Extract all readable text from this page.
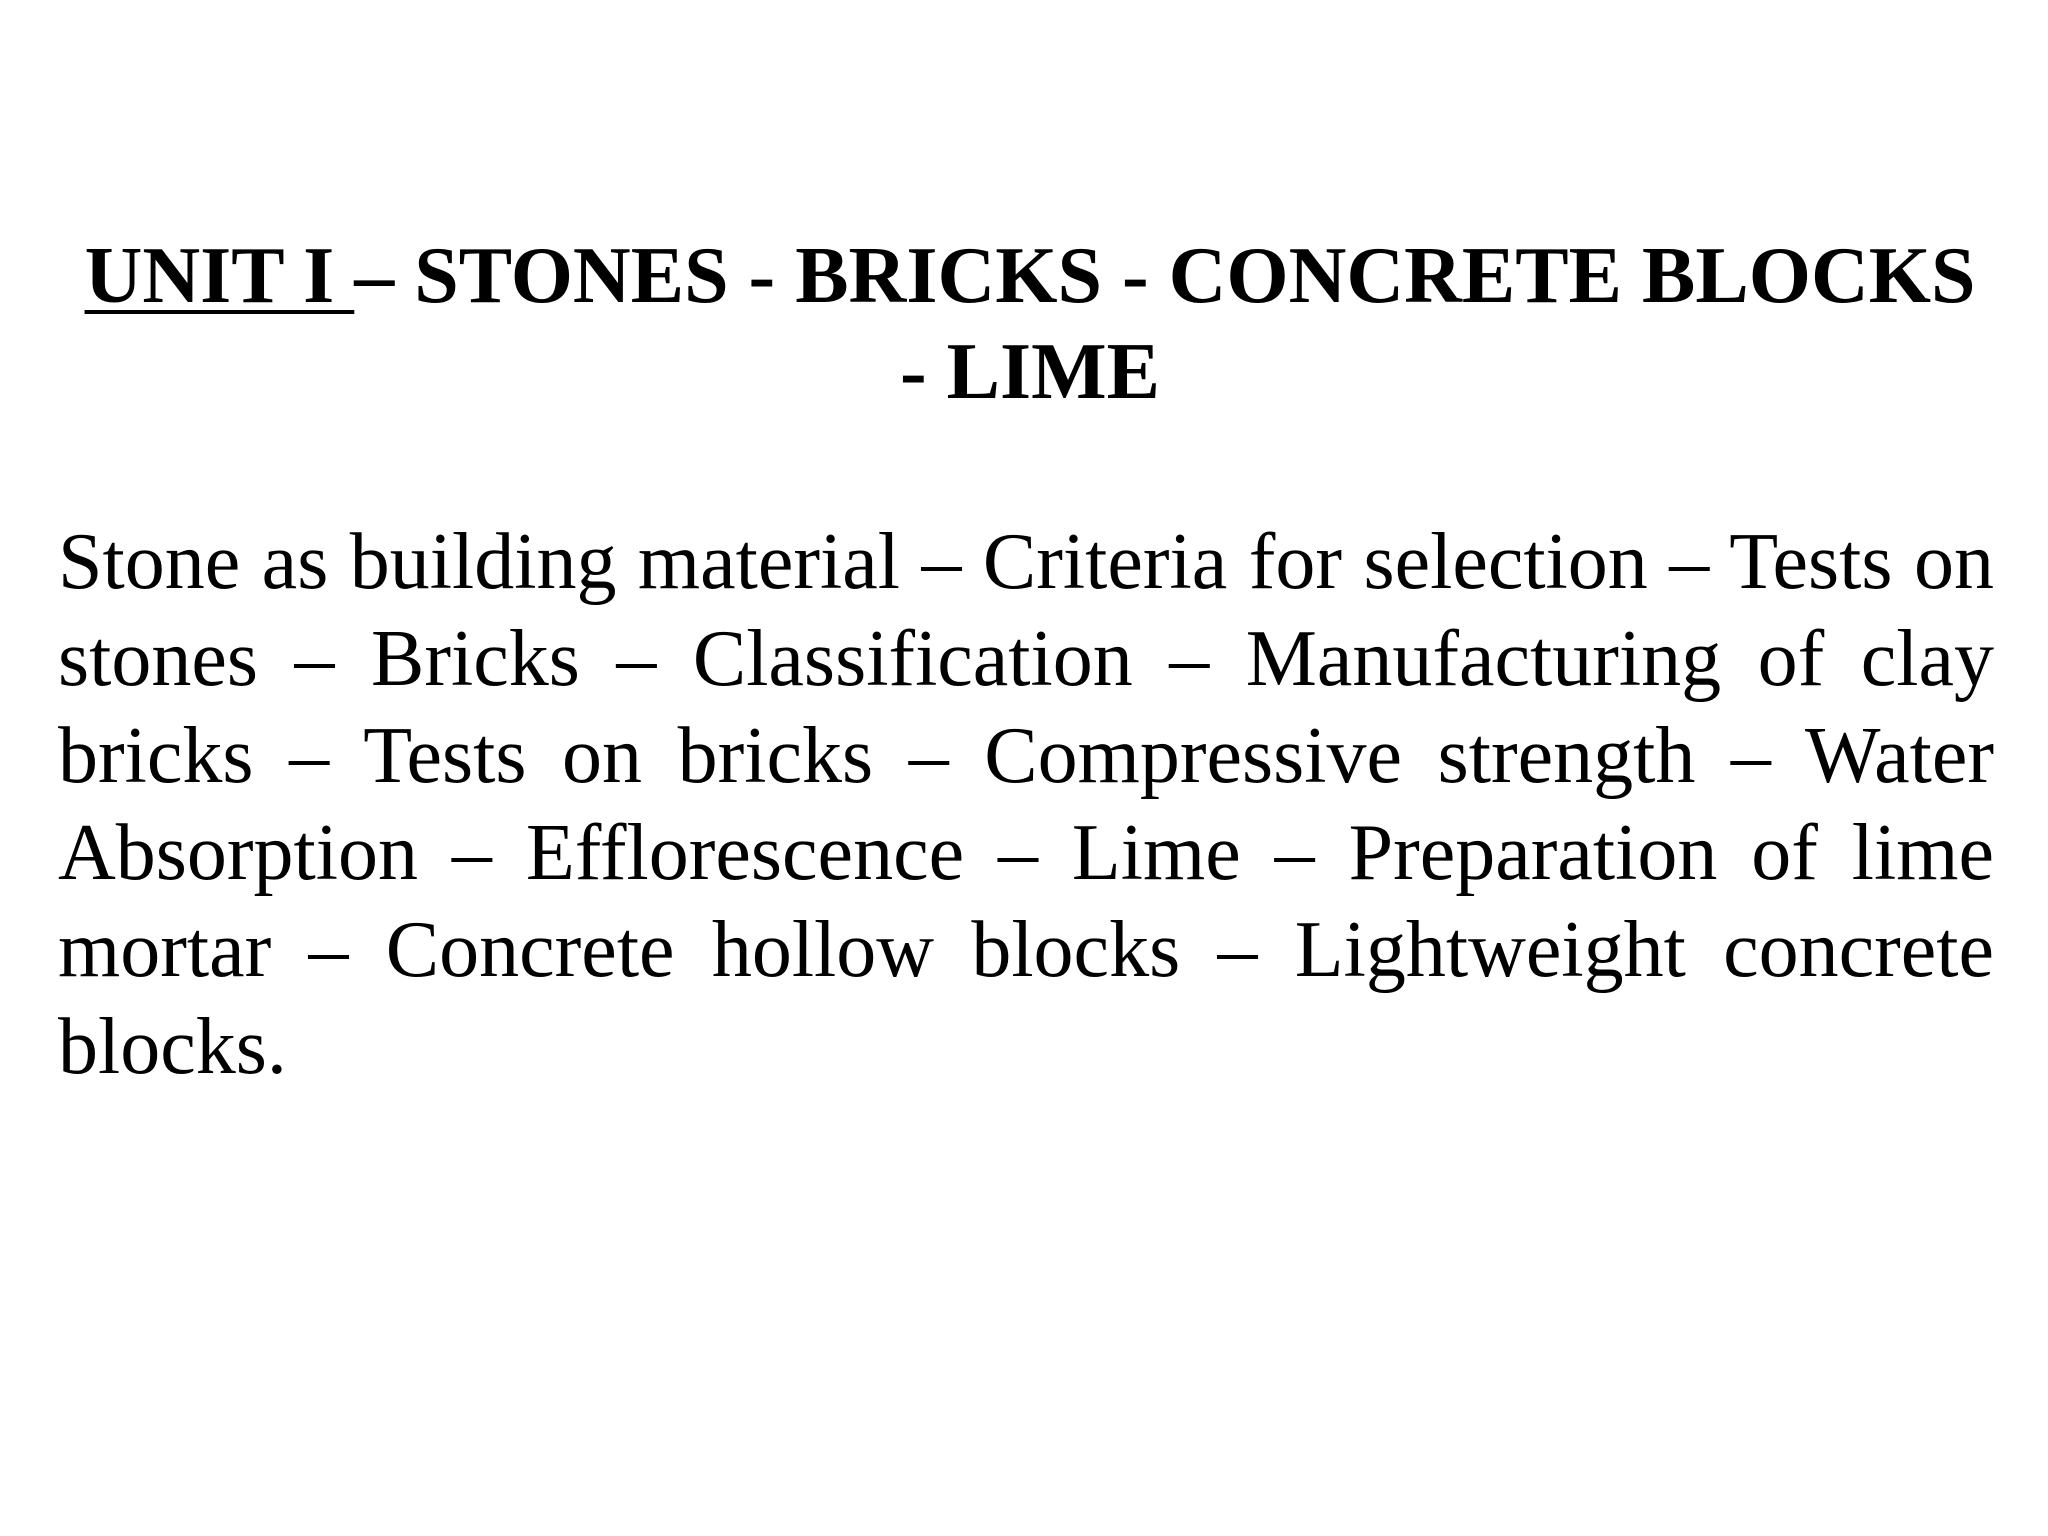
UNIT I – STONES - BRICKS - CONCRETE BLOCKS - LIME

Stone as building material – Criteria for selection – Tests on stones – Bricks – Classification – Manufacturing of clay bricks – Tests on bricks – Compressive strength – Water Absorption – Efflorescence – Lime – Preparation of lime mortar – Concrete hollow blocks – Lightweight concrete blocks.
